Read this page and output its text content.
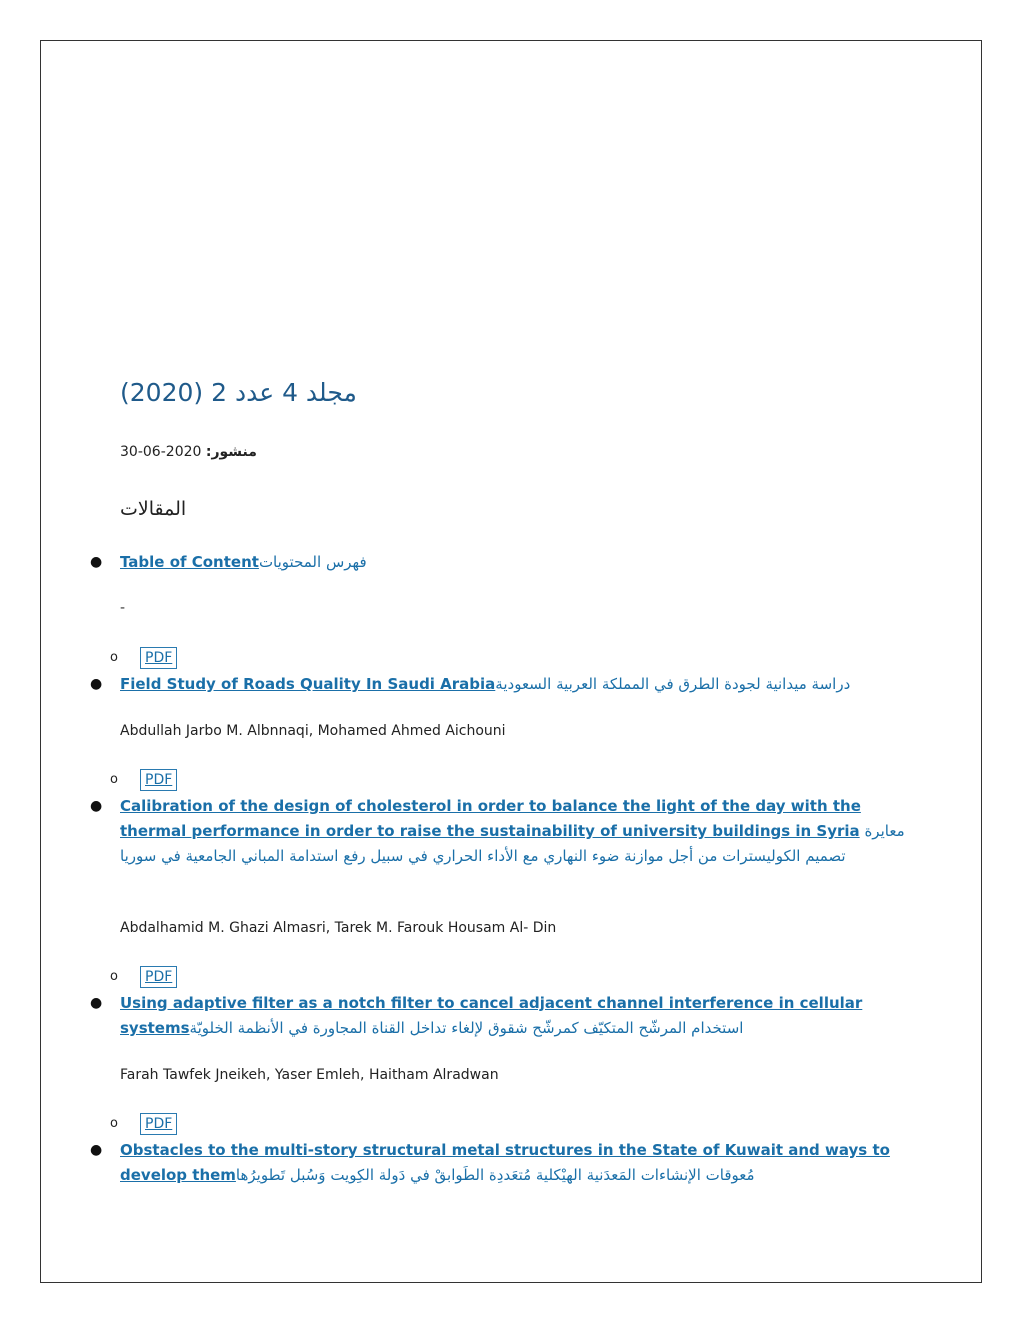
مجلد 4 عدد 2 (2020)
منشور: 2020-06-30
المقالات
● Table of Contentفهرس المحتويات
-
o	PDF
● Field Study of Roads Quality In Saudi Arabiaدراسة ميدانية لجودة الطرق في المملكة العربية السعودية
Abdullah Jarbo M. Albnnaqi, Mohamed Ahmed Aichouni
o	PDF
● Calibration of the design of cholesterol in order to balance the light of the day with the thermal performance in order to raise the sustainability of university buildings in Syria معايرة تصميم الكوليسترات من أجل موازنة ضوء النهاري مع الأداء الحراري في سبيل رفع استدامة المباني الجامعية في سوريا
Abdalhamid M. Ghazi Almasri, Tarek M. Farouk Housam Al- Din
o	PDF
● Using adaptive filter as a notch filter to cancel adjacent channel interference in cellular systemsاستخدام المرشّح المتكيّف كمرشّح شقوق لإلغاء تداخل القناة المجاورة في الأنظمة الخلويّة
Farah Tawfek Jneikeh, Yaser Emleh, Haitham Alradwan
o	PDF
● Obstacles to the multi-story structural metal structures in the State of Kuwait and ways to develop themمُعوقات الإنشاءات المَعدَنية الهيْكلية مُتعَددِة الطَوابقْ في دَولة الكِويت وَسُبل تَطويرُها
